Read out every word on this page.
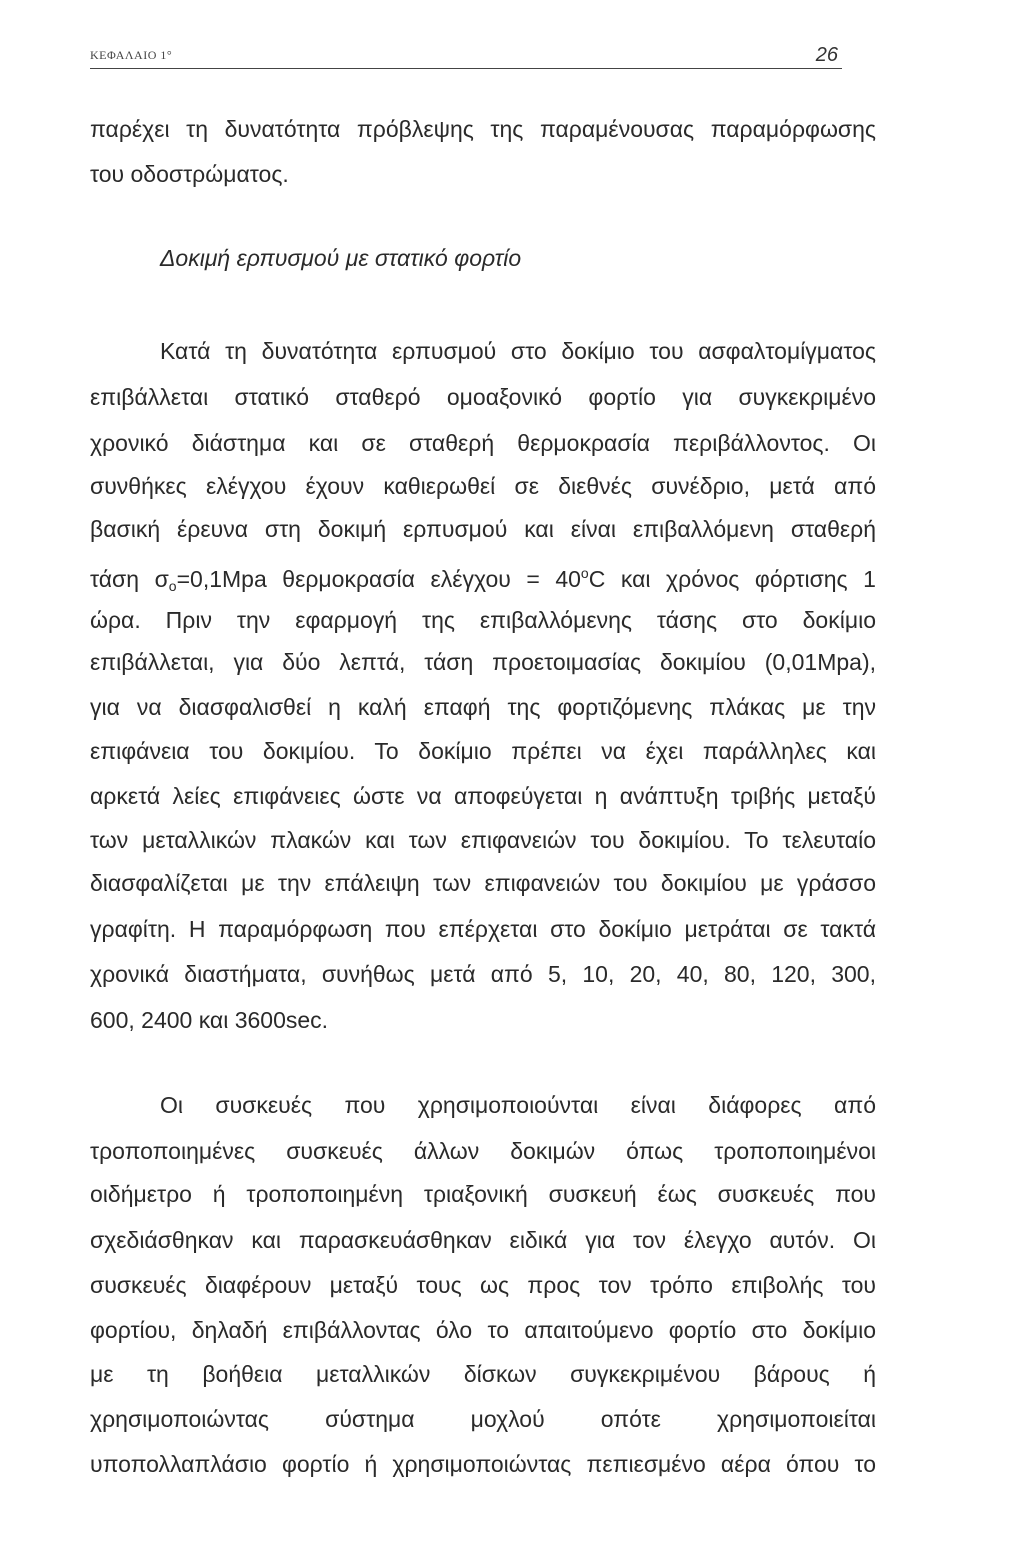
ΚΕΦΑΛΑΙΟ 1°	26
παρέχει τη δυνατότητα πρόβλεψης της παραμένουσας παραμόρφωσης
του οδοστρώματος.
Δοκιμή ερπυσμού με στατικό φορτίο
Κατά τη δυνατότητα ερπυσμού στο δοκίμιο του ασφαλτομίγματος
επιβάλλεται στατικό σταθερό ομοαξονικό φορτίο για συγκεκριμένο
χρονικό διάστημα και σε σταθερή θερμοκρασία περιβάλλοντος. Οι
συνθήκες ελέγχου έχουν καθιερωθεί σε διεθνές συνέδριο, μετά από
βασική έρευνα στη δοκιμή ερπυσμού και είναι επιβαλλόμενη σταθερή
τάση $\sigma_o=0,1Mpa$ θερμοκρασία $\varepsilon\lambda έ\gamma\chi o\upsilon = 40^oC$ και χρόνος φόρτισης 1
ώρα. Πριν την εφαρμογή της επιβαλλόμενης τάσης στο δοκίμιο
επιβάλλεται, για δύο λεπτά, τάση προετοιμασίας δοκιμίου (0,01Mpa),
για να διασφαλισθεί η καλή επαφή της φορτιζόμενης πλάκας με την
επιφάνεια του δοκιμίου. Το δοκίμιο πρέπει να έχει παράλληλες και
αρκετά λείες επιφάνειες ώστε να αποφεύγεται η ανάπτυξη τριβής μεταξύ
των μεταλλικών πλακών και των επιφανειών του δοκιμίου. Το τελευταίο
διασφαλίζεται με την επάλειψη των επιφανειών του δοκιμίου με γράσσο
γραφίτη. Η παραμόρφωση που επέρχεται στο δοκίμιο μετράται σε τακτά
χρονικά διαστήματα, συνήθως μετά από 5, 10, 20, 40, 80, 120, 300,
600, 2400 και 3600sec.
Οι συσκευές που χρησιμοποιούνται είναι διάφορες από
τροποποιημένες συσκευές άλλων δοκιμών όπως τροποποιημένοι
οιδήμετρο ή τροποποιημένη τριαξονική συσκευή έως συσκευές που
σχεδιάσθηκαν και παρασκευάσθηκαν ειδικά για τον έλεγχο αυτόν. Οι
συσκευές διαφέρουν μεταξύ τους ως προς τον τρόπο επιβολής του
φορτίου, δηλαδή επιβάλλοντας όλο το απαιτούμενο φορτίο στο δοκίμιο
με τη βοήθεια μεταλλικών δίσκων συγκεκριμένου βάρους ή
χρησιμοποιώντας σύστημα μοχλού οπότε χρησιμοποιείται
υποπολλαπλάσιο φορτίο ή χρησιμοποιώντας πεπιεσμένο αέρα όπου το
